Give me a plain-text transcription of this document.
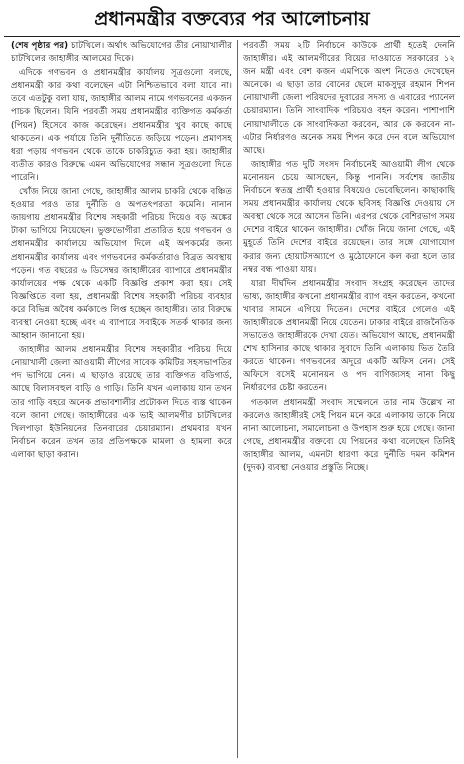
প্রধানমন্ত্রীর বক্তব্যের পর আলোচনায়

(শেষ পৃষ্ঠার পর) চাটখিলে। অর্থাৎ অভিযোগের তীর নোয়াখালীর চাটখিলের জাহাঙ্গীর আলমের দিকে।

এদিকে গণভবন ও প্রধানমন্ত্রীর কার্যালয় সূত্রগুলো বলছে, প্রধানমন্ত্রী কার কথা বলেছেন এটা নিশ্চিতভাবে বলা যাবে না। তবে এতটুকু বলা যায়, জাহাঙ্গীর আলম নামে গণভবনের একজন পাচক ছিলেন। যিনি পরবর্তী সময় প্রধানমন্ত্রীর ব্যক্তিগত কর্মকর্তা (পিয়ন) হিসেবে কাজ করেছেন। প্রধানমন্ত্রীর খুব কাছে কাছে থাকতেন। এক পর্যায়ে তিনি দুর্নীতিতে জড়িয়ে পড়েন। প্রমাণসহ ধরা পড়ায় গণভবন থেকে তাকে চাকরিচ্যুত করা হয়। জাহাঙ্গীর ব্যতীত কারও বিরুদ্ধে এমন অভিযোগের সন্ধান সূত্রগুলো দিতে পারেনি।

খোঁজ নিয়ে জানা গেছে, জাহাঙ্গীর আলম চাকরি থেকে বঞ্চিত হওয়ার পরও তার দুর্নীতি ও অপতৎপরতা কমেনি। নানান জায়গায় প্রধানমন্ত্রীর বিশেষ সহকারী পরিচয় দিয়েও বড় অঙ্কের টাকা ভাগিয়ে নিয়েছেন। ভুক্তভোগীরা প্রতারিত হয়ে গণভবন ও প্রধানমন্ত্রীর কার্যালয়ে অভিযোগ দিলে এই অপকর্মের জন্য প্রধানমন্ত্রীর কার্যালয় এবং গণভবনের কর্মকর্তারাও বিব্রত অবস্থায় পড়েন। গত বছরের ৬ ডিসেম্বর জাহাঙ্গীরের ব্যাপারে প্রধানমন্ত্রীর কার্যালয়ের পক্ষ থেকে একটি বিজ্ঞপ্তি প্রকাশ করা হয়। সেই বিজ্ঞপ্তিতে বলা হয়, প্রধানমন্ত্রী বিশেষ সহকারী পরিচয় ব্যবহার করে বিভিন্ন অবৈধ কর্মকাণ্ডে লিপ্ত হচ্ছেন জাহাঙ্গীর। তার বিরুদ্ধে ব্যবস্থা নেওয়া হচ্ছে এবং এ ব্যাপারে সবাইকে সতর্ক থাকার জন্য আহ্বান জানানো হয়।

জাহাঙ্গীর আলম প্রধানমন্ত্রীর বিশেষ সহকারীর পরিচয় দিয়ে নোয়াখালী জেলা আওয়ামী লীগের সাবেক কমিটির সহসভাপতির পদ ভাগিয়ে নেন। এ ছাড়াও রয়েছে তার ব্যক্তিগত বডিগার্ড, আছে বিলাসবহুল বাড়ি ও গাড়ি। তিনি যখন এলাকায় যান তখন তার গাড়ি বহরে অনেক প্রভাবশালীর প্রটোকল দিতে ব্যস্ত থাকেন বলে জানা গেছে। জাহাঙ্গীরের এক ভাই আলমগীর চাটখিলের খিলপাড়া ইউনিয়নের তিনবারের চেয়ারম্যান। প্রথমবার যখন নির্বাচন করেন তখন তার প্রতিপক্ষকে মামলা ও হামলা করে এলাকা ছাড়া করান।

পরবর্তী সময় ২টি নির্বাচনে কাউকে প্রার্থী হতেই দেননি জাহাঙ্গীর। এই আলমগীরের বিয়ের দাওয়াতে সরকারের ১২ জন মন্ত্রী এবং বেশ কজন এমপিকে অংশ নিতেও দেখেছেন অনেকে। এ ছাড়া তার বোনের ছেলে মাকসুদুর রহমান শিপন নোয়াখালী জেলা পরিষদের দুবারের সদস্য ও এবারের প্যানেল চেয়ারম্যান। তিনি সাংবাদিক পরিচয়ও বহন করেন। পাশাপাশি নোয়াখালীতে কে সাংবাদিকতা করবেন, আর কে করবেন না- এটার নির্ধারণও অনেক সময় শিপন করে দেন বলে অভিযোগ আছে।

জাহাঙ্গীর গত দুটি সংসদ নির্বাচনেই আওয়ামী লীগ থেকে মনোনয়ন চেয়ে আসছেন, কিন্তু পাননি। সর্বশেষ জাতীয় নির্বাচনে স্বতন্ত্র প্রার্থী হওয়ার বিষয়েও ভেবেছিলেন। কাছাকাছি সময় প্রধানমন্ত্রীর কার্যালয় থেকে ছবিসহ বিজ্ঞপ্তি দেওয়ায় সে অবস্থা থেকে সরে আসেন তিনি। এরপর থেকে বেশিরভাগ সময় দেশের বাইরে থাকেন জাহাঙ্গীর। খোঁজ নিয়ে জানা গেছে, এই মুহূর্তে তিনি দেশের বাইরে রয়েছেন। তার সঙ্গে যোগাযোগ করার জন্য হোয়াটসঅ্যাপে ও মুঠোফোনে কল করা হলে তার নম্বর বন্ধ পাওয়া যায়।

যারা দীর্ঘদিন প্রধানমন্ত্রীর সংবাদ সংগ্রহ করেছেন তাদের ভাষ্য, জাহাঙ্গীর কখনো প্রধানমন্ত্রীর ব্যাগ বহন করতেন, কখনো খাবার সামনে এগিয়ে দিতেন। দেশের বাইরে গেলেও এই জাহাঙ্গীরকে প্রধানমন্ত্রী নিয়ে যেতেন। ঢাকার বাইরে রাজনৈতিক সভাতেও জাহাঙ্গীরকে দেখা যেত। অভিযোগ আছে, প্রধানমন্ত্রী শেখ হাসিনার কাছে থাকার সুবাদে তিনি এলাকায় ভিত তৈরি করতে থাকেন। গণভবনের অদূরে একটি অফিস নেন। সেই অফিসে বসেই মনোনয়ন ও পদ বাণিজ্যসহ নানা কিছু নির্ধারণের চেষ্টা করতেন।

গতকাল প্রধানমন্ত্রী সংবাদ সম্মেলনে তার নাম উল্লেখ না করলেও জাহাঙ্গীরই সেই পিয়ন মনে করে এলাকায় তাকে নিয়ে নানা আলোচনা, সমালোচনা ও উপহাস শুরু হয়ে গেছে। জানা গেছে, প্রধানমন্ত্রীর বক্তব্যে যে পিয়নের কথা বলেছেন তিনিই জাহাঙ্গীর আলম, এমনটা ধারণা করে দুর্নীতি দমন কমিশন (দুদক) ব্যবস্থা নেওয়ার প্রস্তুতি নিচ্ছে।
